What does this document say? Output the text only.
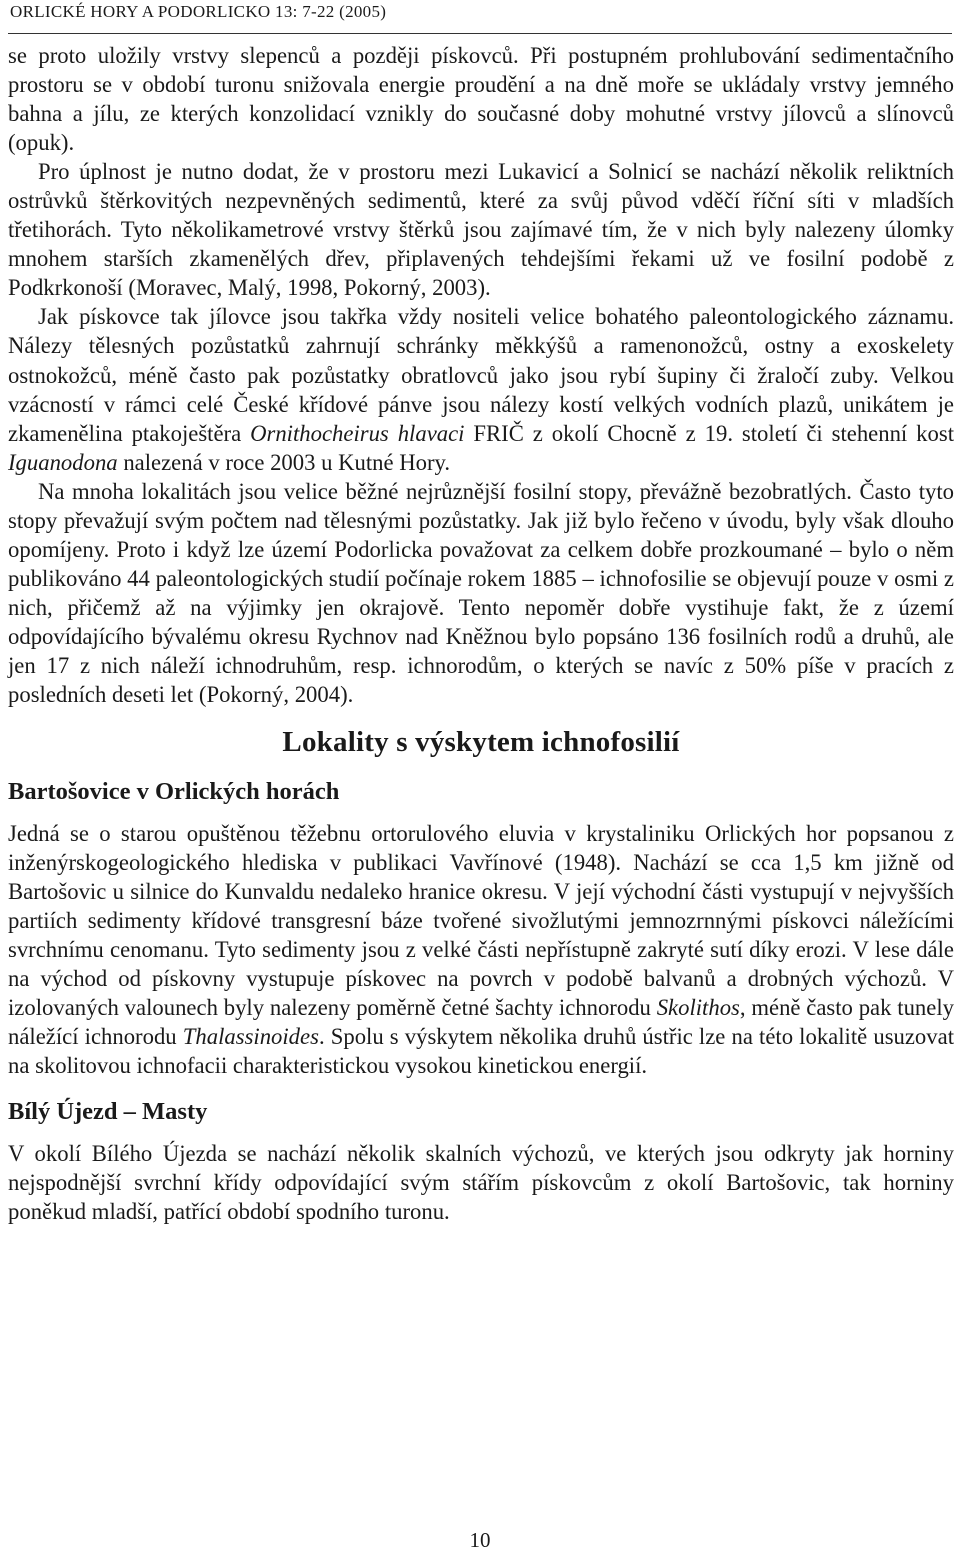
ORLICKÉ HORY A PODORLICKO 13: 7-22 (2005)

se proto uložily vrstvy slepenců a později pískovců. Při postupném prohlubování sedimentačního prostoru se v období turonu snižovala energie proudění a na dně moře se ukládaly vrstvy jemného bahna a jílu, ze kterých konzolidací vznikly do současné doby mohutné vrstvy jílovců a slínovců (opuk).

Pro úplnost je nutno dodat, že v prostoru mezi Lukavicí a Solnicí se nachází několik reliktních ostrůvků štěrkovitých nezpevněných sedimentů, které za svůj původ vděčí říční síti v mladších třetihorách. Tyto několikametrové vrstvy štěrků jsou zajímavé tím, že v nich byly nalezeny úlomky mnohem starších zkamenělých dřev, připlavených tehdejšími řekami už ve fosilní podobě z Podkrkonoší (Moravec, Malý, 1998, Pokorný, 2003).

Jak pískovce tak jílovce jsou takřka vždy nositeli velice bohatého paleontologického záznamu. Nálezy tělesných pozůstatků zahrnují schránky měkkýšů a ramenonožců, ostny a exoskelety ostnokožců, méně často pak pozůstatky obratlovců jako jsou rybí šupiny či žraločí zuby. Velkou vzácností v rámci celé České křídové pánve jsou nálezy kostí velkých vodních plazů, unikátem je zkamenělina ptakoještěra Ornithocheirus hlavaci FRIČ z okolí Chocně z 19. století či stehenní kost Iguanodona nalezená v roce 2003 u Kutné Hory.

Na mnoha lokalitách jsou velice běžné nejrůznější fosilní stopy, převážně bezobratlých. Často tyto stopy převažují svým počtem nad tělesnými pozůstatky. Jak již bylo řečeno v úvodu, byly však dlouho opomíjeny. Proto i když lze území Podorlicka považovat za celkem dobře prozkoumané – bylo o něm publikováno 44 paleontologických studií počínaje rokem 1885 – ichnofosilie se objevují pouze v osmi z nich, přičemž až na výjimky jen okrajově. Tento nepoměr dobře vystihuje fakt, že z území odpovídajícího bývalému okresu Rychnov nad Kněžnou bylo popsáno 136 fosilních rodů a druhů, ale jen 17 z nich náleží ichnodruhům, resp. ichnorodům, o kterých se navíc z 50% píše v pracích z posledních deseti let (Pokorný, 2004).

Lokality s výskytem ichnofosilií
Bartošovice v Orlických horách

Jedná se o starou opuštěnou těžebnu ortorulového eluvia v krystaliniku Orlických hor popsanou z inženýrskogeologického hlediska v publikaci Vavřínové (1948). Nachází se cca 1,5 km jižně od Bartošovic u silnice do Kunvaldu nedaleko hranice okresu. V její východní části vystupují v nejvyšších partiích sedimenty křídové transgresní báze tvořené sivožlutými jemnozrnnými pískovci náležícími svrchnímu cenomanu. Tyto sedimenty jsou z velké části nepřístupně zakryté sutí díky erozi. V lese dále na východ od pískovny vystupuje pískovec na povrch v podobě balvanů a drobných výchozů. V izolovaných valounech byly nalezeny poměrně četné šachty ichnorodu Skolithos, méně často pak tunely náležící ichnorodu Thalassinoides. Spolu s výskytem několika druhů ústřic lze na této lokalitě usuzovat na skolitovou ichnofacii charakteristickou vysokou kinetickou energií.

Bílý Újezd – Masty

V okolí Bílého Újezda se nachází několik skalních výchozů, ve kterých jsou odkryty jak horniny nejspodnější svrchní křídy odpovídající svým stářím pískovcům z okolí Bartošovic, tak horniny poněkud mladší, patřící období spodního turonu.

10
